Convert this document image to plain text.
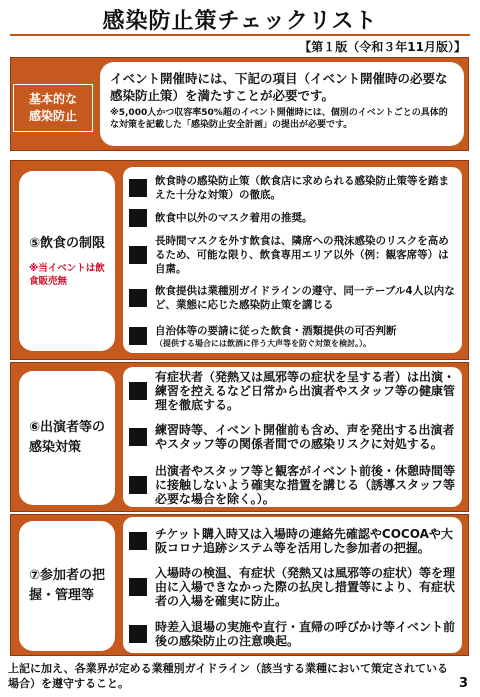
感染防止策チェックリスト
【第１版（令和３年11月版）】
基本的な
感染防止
イベント開催時には、下記の項目（イベント開催時の必要な感染防止策）を満たすことが必要です。
※5,000人かつ収容率50%超のイベント開催時には、個別のイベントごとの具体的な対策を記載した「感染防止安全計画」の提出が必要です。
⑤飲食の制限
※当イベントは飲食販売無
飲食時の感染防止策（飲食店に求められる感染防止策等を踏まえた十分な対策）の徹底。
飲食中以外のマスク着用の推奨。
長時間マスクを外す飲食は、隣席への飛沫感染のリスクを高めるため、可能な限り、飲食専用エリア以外（例：観客席等）は自粛。
飲食提供は業種別ガイドラインの遵守、同一テーブル4人以内など、業態に応じた感染防止策を講じる
自治体等の要請に従った飲食・酒類提供の可否判断
（提供する場合には飲酒に伴う大声等を防ぐ対策を検討。）。
⑥出演者等の感染対策
有症状者（発熱又は風邪等の症状を呈する者）は出演・練習を控えるなど日常から出演者やスタッフ等の健康管理を徹底する。
練習時等、イベント開催前も含め、声を発出する出演者やスタッフ等の関係者間での感染リスクに対処する。
出演者やスタッフ等と観客がイベント前後・休憩時間等に接触しないよう確実な措置を講じる（誘導スタッフ等必要な場合を除く。）。
⑦参加者の把握・管理等
チケット購入時又は入場時の連絡先確認やCOCOAや大阪コロナ追跡システム等を活用した参加者の把握。
入場時の検温、有症状（発熱又は風邪等の症状）等を理由に入場できなかった際の払戻し措置等により、有症状者の入場を確実に防止。
時差入退場の実施や直行・直帰の呼びかけ等イベント前後の感染防止の注意喚起。
上記に加え、各業界が定める業種別ガイドライン（該当する業種において策定されている場合）を遵守すること。	3
